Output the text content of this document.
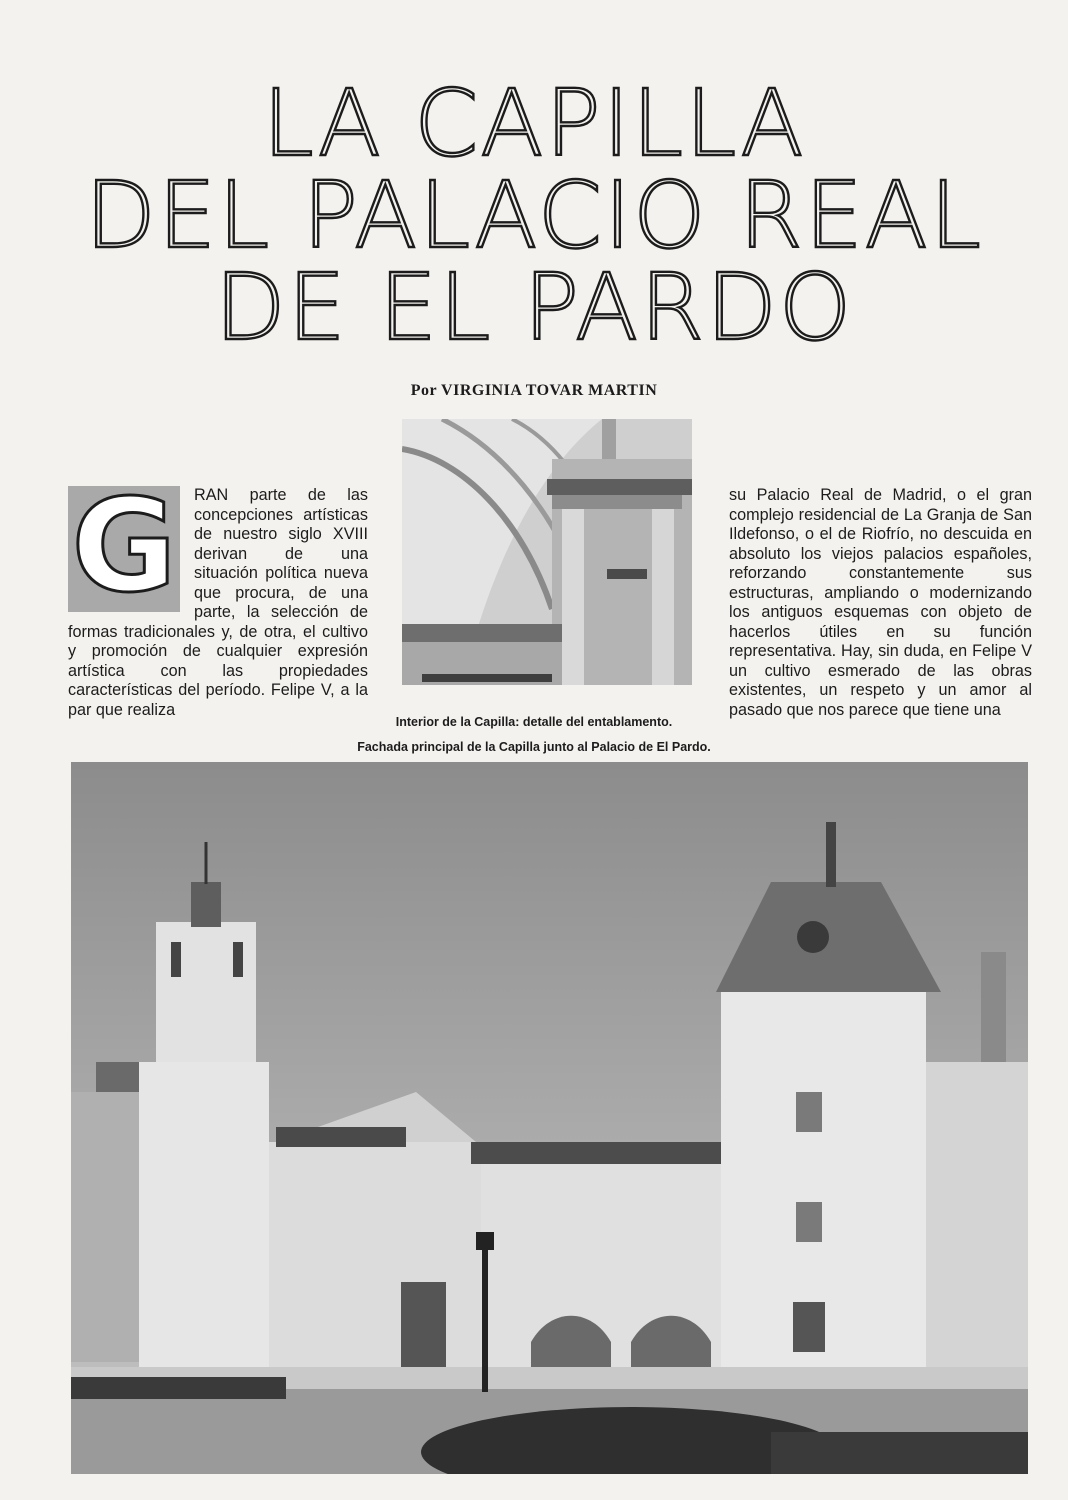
LA CAPILLA
DEL PALACIO REAL
DE EL PARDO

Por VIRGINIA TOVAR MARTIN

G RAN parte de las concepciones artísticas de nuestro siglo XVIII derivan de una situación política nueva que procura, de una parte, la selección de formas tradicionales y, de otra, el cultivo y promoción de cualquier expresión artística con las propiedades características del período. Felipe V, a la par que realiza

Interior de la Capilla: detalle del entablamento.

su Palacio Real de Madrid, o el gran complejo residencial de La Granja de San Ildefonso, o el de Riofrío, no descuida en absoluto los viejos palacios españoles, reforzando constantemente sus estructuras, ampliando o modernizando los antiguos esquemas con objeto de hacerlos útiles en su función representativa. Hay, sin duda, en Felipe V un cultivo esmerado de las obras existentes, un respeto y un amor al pasado que nos parece que tiene una

Fachada principal de la Capilla junto al Palacio de El Pardo.
